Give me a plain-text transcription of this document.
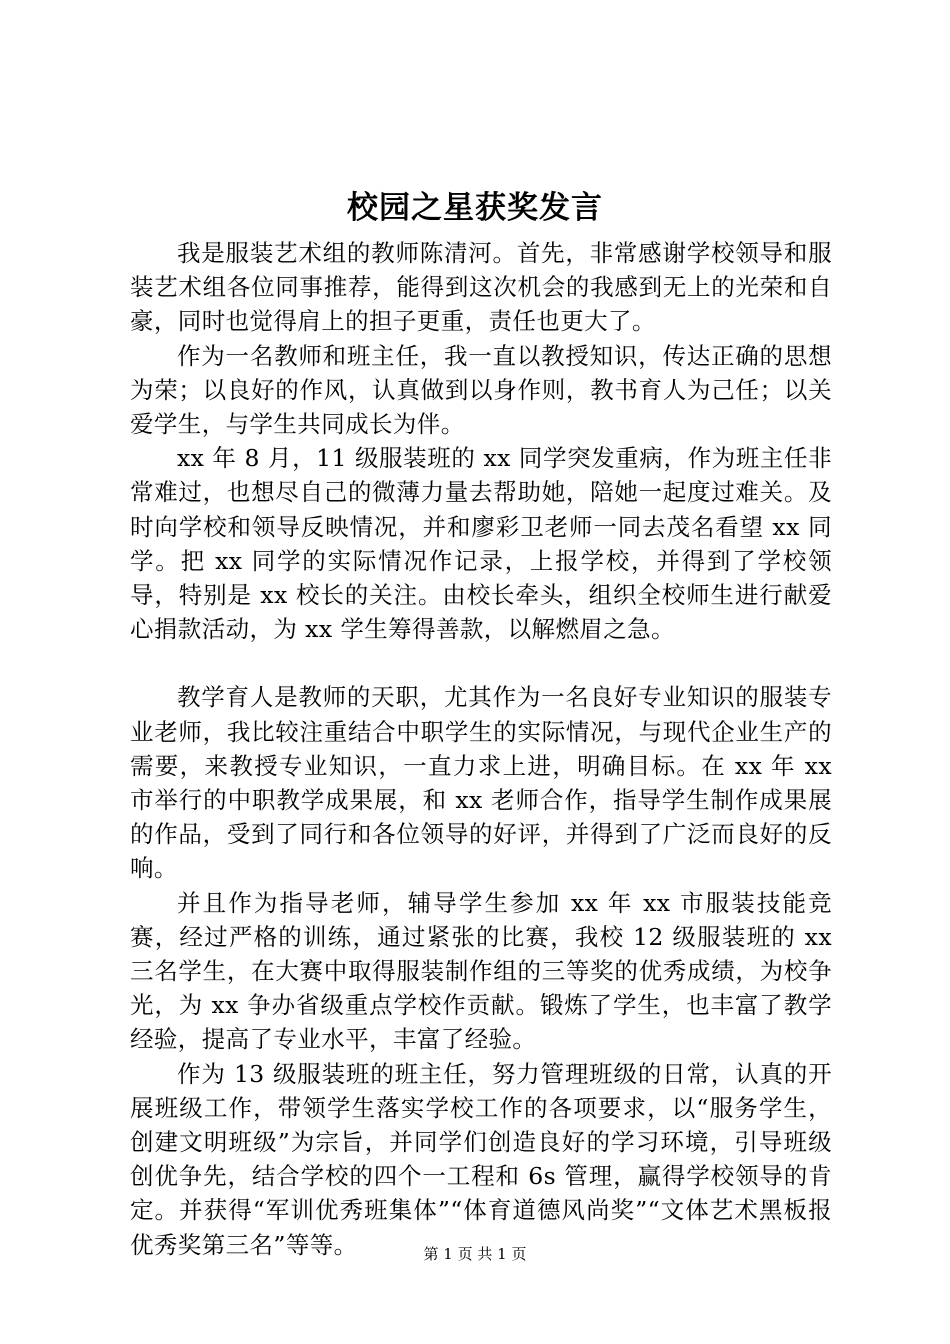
校园之星获奖发言

我是服装艺术组的教师陈清河。首先，非常感谢学校领导和服装艺术组各位同事推荐，能得到这次机会的我感到无上的光荣和自豪，同时也觉得肩上的担子更重，责任也更大了。

作为一名教师和班主任，我一直以教授知识，传达正确的思想为荣；以良好的作风，认真做到以身作则，教书育人为己任；以关爱学生，与学生共同成长为伴。

xx 年 8 月，11 级服装班的 xx 同学突发重病，作为班主任非常难过，也想尽自己的微薄力量去帮助她，陪她一起度过难关。及时向学校和领导反映情况，并和廖彩卫老师一同去茂名看望 xx 同学。把 xx 同学的实际情况作记录，上报学校，并得到了学校领导，特别是 xx 校长的关注。由校长牵头，组织全校师生进行献爱心捐款活动，为 xx 学生筹得善款，以解燃眉之急。

教学育人是教师的天职，尤其作为一名良好专业知识的服装专业老师，我比较注重结合中职学生的实际情况，与现代企业生产的需要，来教授专业知识，一直力求上进，明确目标。在 xx 年 xx 市举行的中职教学成果展，和 xx 老师合作，指导学生制作成果展的作品，受到了同行和各位领导的好评，并得到了广泛而良好的反响。

并且作为指导老师，辅导学生参加 xx 年 xx 市服装技能竞赛，经过严格的训练，通过紧张的比赛，我校 12 级服装班的 xx 三名学生，在大赛中取得服装制作组的三等奖的优秀成绩，为校争光，为 xx 争办省级重点学校作贡献。锻炼了学生，也丰富了教学经验，提高了专业水平，丰富了经验。

作为 13 级服装班的班主任，努力管理班级的日常，认真的开展班级工作，带领学生落实学校工作的各项要求，以“服务学生，创建文明班级”为宗旨，并同学们创造良好的学习环境，引导班级创优争先，结合学校的四个一工程和 6s 管理，赢得学校领导的肯定。并获得“军训优秀班集体”“体育道德风尚奖”“文体艺术黑板报优秀奖第三名”等等。	第 1 页 共 1 页
